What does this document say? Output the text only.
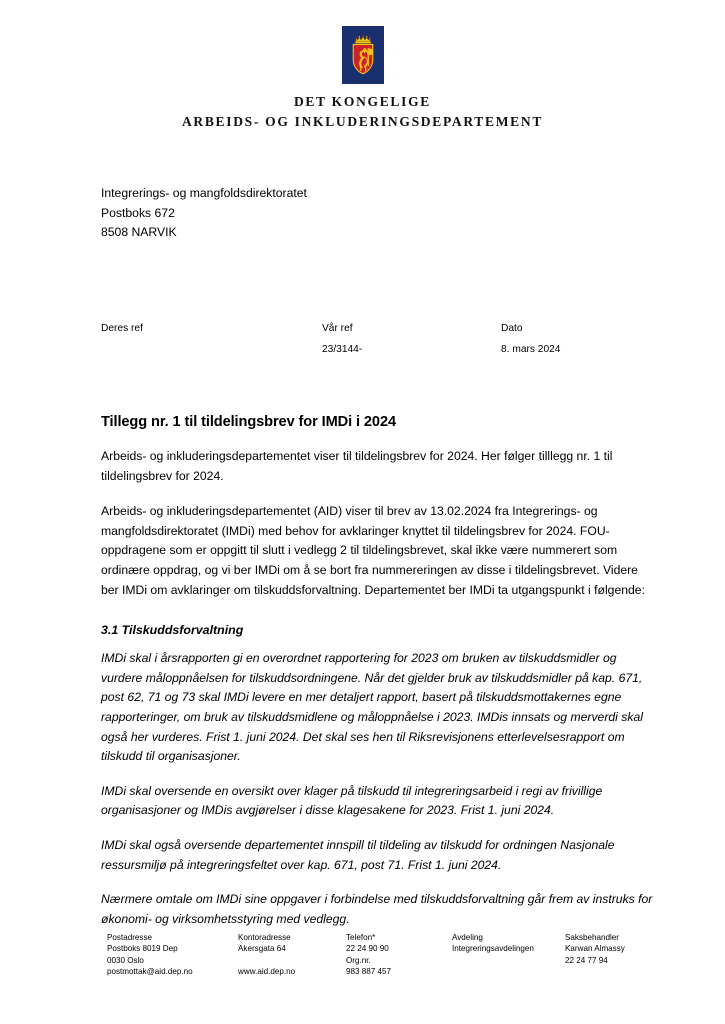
DET KONGELIGE
ARBEIDS- OG INKLUDERINGSDEPARTEMENT
Integrerings- og mangfoldsdirektoratet
Postboks 672
8508 NARVIK
Deres ref	Vår ref
23/3144-
Dato
8. mars 2024
Tillegg nr. 1 til tildelingsbrev for IMDi i 2024

Arbeids- og inkluderingsdepartementet viser til tildelingsbrev for 2024. Her følger tilllegg nr. 1 til tildelingsbrev for 2024.

Arbeids- og inkluderingsdepartementet (AID) viser til brev av 13.02.2024 fra Integrerings- og mangfoldsdirektoratet (IMDi) med behov for avklaringer knyttet til tildelingsbrev for 2024. FOU-oppdragene som er oppgitt til slutt i vedlegg 2 til tildelingsbrevet, skal ikke være nummerert som ordinære oppdrag, og vi ber IMDi om å se bort fra nummereringen av disse i tildelingsbrevet. Videre ber IMDi om avklaringer om tilskuddsforvaltning. Departementet ber IMDi ta utgangspunkt i følgende:

3.1 Tilskuddsforvaltning

IMDi skal i årsrapporten gi en overordnet rapportering for 2023 om bruken av tilskuddsmidler og vurdere måloppnåelsen for tilskuddsordningene. Når det gjelder bruk av tilskuddsmidler på kap. 671, post 62, 71 og 73 skal IMDi levere en mer detaljert rapport, basert på tilskuddsmottakernes egne rapporteringer, om bruk av tilskuddsmidlene og måloppnåelse i 2023. IMDis innsats og merverdi skal også her vurderes. Frist 1. juni 2024. Det skal ses hen til Riksrevisjonens etterlevelsesrapport om tilskudd til organisasjoner.

IMDi skal oversende en oversikt over klager på tilskudd til integreringsarbeid i regi av frivillige organisasjoner og IMDis avgjørelser i disse klagesakene for 2023. Frist 1. juni 2024.

IMDi skal også oversende departementet innspill til tildeling av tilskudd for ordningen Nasjonale ressursmiljø på integreringsfeltet over kap. 671, post 71. Frist 1. juni 2024.

Nærmere omtale om IMDi sine oppgaver i forbindelse med tilskuddsforvaltning går frem av instruks for økonomi- og virksomhetsstyring med vedlegg.

Postadresse
Postboks 8019 Dep
0030 Oslo
postmottak@aid.dep.no
Kontoradresse
Akersgata 64
www.aid.dep.no
Telefon*
22 24 90 90
Org.nr.
983 887 457
Avdeling
Integreringsavdelingen
Saksbehandler
Karwan Almassy
22 24 77 94
